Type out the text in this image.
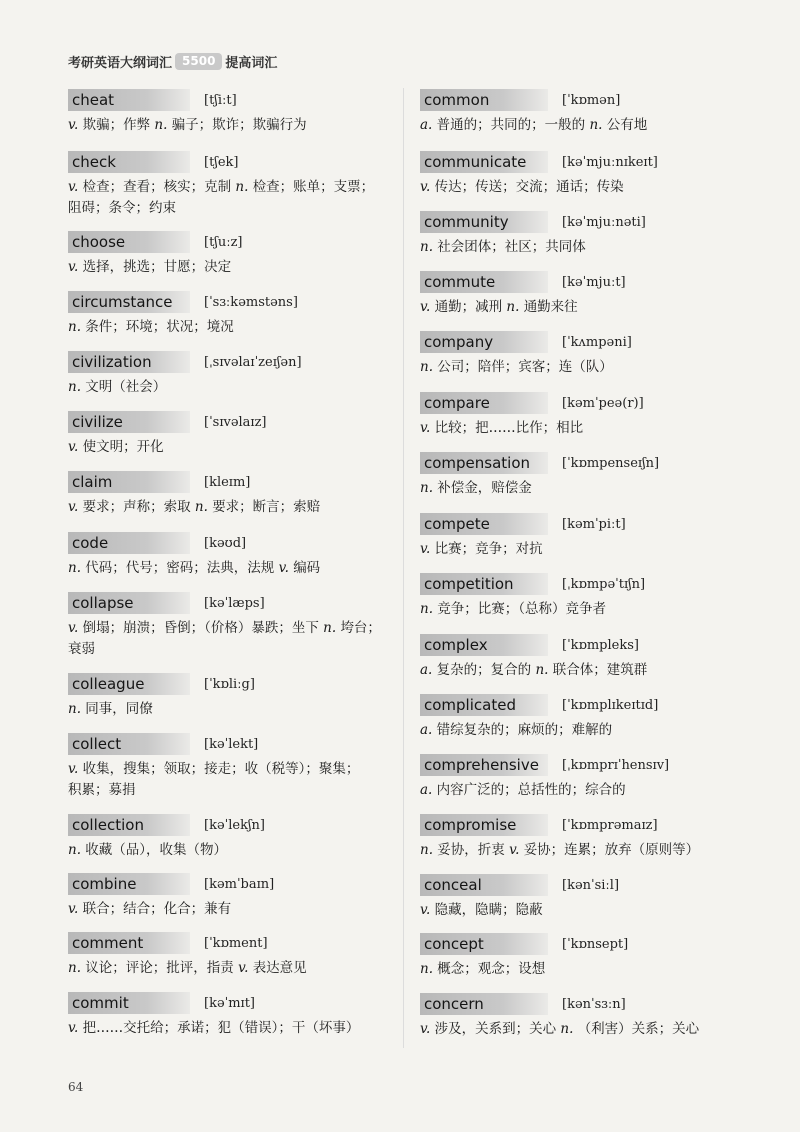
考研英语大纲词汇 5500 提高词汇
cheat	[tʃiːt]
v. 欺骗；作弊 n. 骗子；欺诈；欺骗行为
check	[tʃek]
v. 检查；查看；核实；克制 n. 检查；账单；支票；
阻碍；条令；约束
choose	[tʃuːz]
v. 选择，挑选；甘愿；决定
circumstance	[ˈsɜːkəmstəns]
n. 条件；环境；状况；境况
civilization	[ˌsɪvəlaɪˈzeɪʃən]
n. 文明（社会）
civilize	[ˈsɪvəlaɪz]
v. 使文明；开化
claim	[kleɪm]
v. 要求；声称；索取 n. 要求；断言；索赔
code	[kəʊd]
n. 代码；代号；密码；法典，法规 v. 编码
collapse	[kəˈlæps]
v. 倒塌；崩溃；昏倒；（价格）暴跌；坐下 n. 垮台；
衰弱
colleague	[ˈkɒliːg]
n. 同事，同僚
collect	[kəˈlekt]
v. 收集，搜集；领取；接走；收（税等）；聚集；
积累；募捐
collection	[kəˈlekʃn]
n. 收藏（品），收集（物）
combine	[kəmˈbaɪn]
v. 联合；结合；化合；兼有
comment	[ˈkɒment]
n. 议论；评论；批评，指责 v. 表达意见
commit	[kəˈmɪt]
v. 把……交托给；承诺；犯（错误）；干（坏事）
common	[ˈkɒmən]
a. 普通的；共同的；一般的 n. 公有地
communicate	[kəˈmjuːnɪkeɪt]
v. 传达；传送；交流；通话；传染
community	[kəˈmjuːnəti]
n. 社会团体；社区；共同体
commute	[kəˈmjuːt]
v. 通勤；减刑 n. 通勤来往
company	[ˈkʌmpəni]
n. 公司；陪伴；宾客；连（队）
compare	[kəmˈpeə(r)]
v. 比较；把……比作；相比
compensation	[ˈkɒmpenseɪʃn]
n. 补偿金，赔偿金
compete	[kəmˈpiːt]
v. 比赛；竞争；对抗
competition	[ˌkɒmpəˈtɪʃn]
n. 竞争；比赛；（总称）竞争者
complex	[ˈkɒmpleks]
a. 复杂的；复合的 n. 联合体；建筑群
complicated	[ˈkɒmplɪkeɪtɪd]
a. 错综复杂的；麻烦的；难解的
comprehensive	[ˌkɒmprɪˈhensɪv]
a. 内容广泛的；总括性的；综合的
compromise	[ˈkɒmprəmaɪz]
n. 妥协，折衷 v. 妥协；连累；放弃（原则等）
conceal	[kənˈsiːl]
v. 隐藏，隐瞒；隐蔽
concept	[ˈkɒnsept]
n. 概念；观念；设想
concern	[kənˈsɜːn]
v. 涉及，关系到；关心 n. （利害）关系；关心
64
